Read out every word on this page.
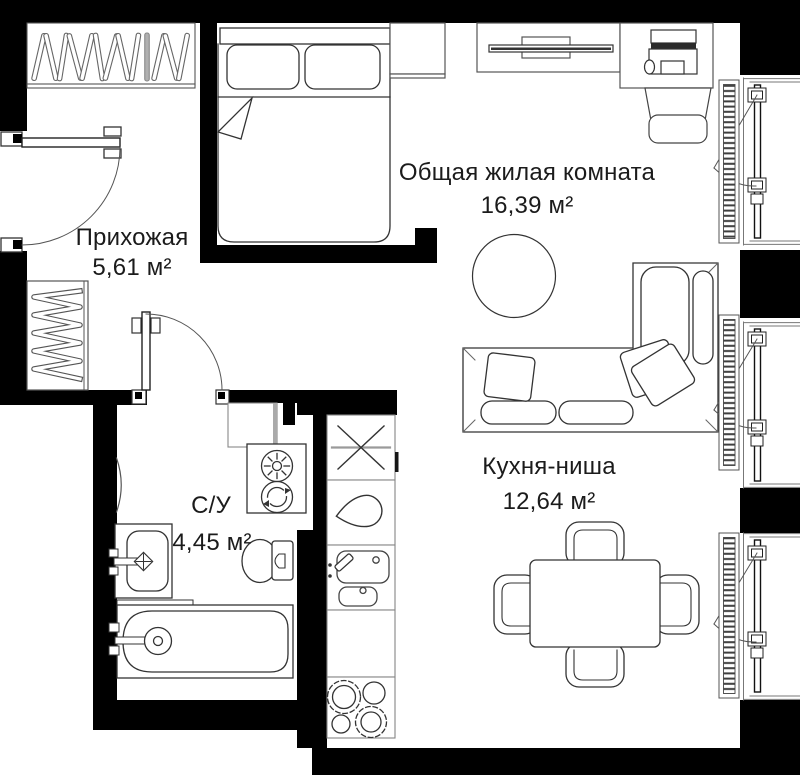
Прихожая
5,61 м²
Общая жилая комната
16,39 м²
Кухня-ниша
12,64 м²
С/У
4,45 м²
